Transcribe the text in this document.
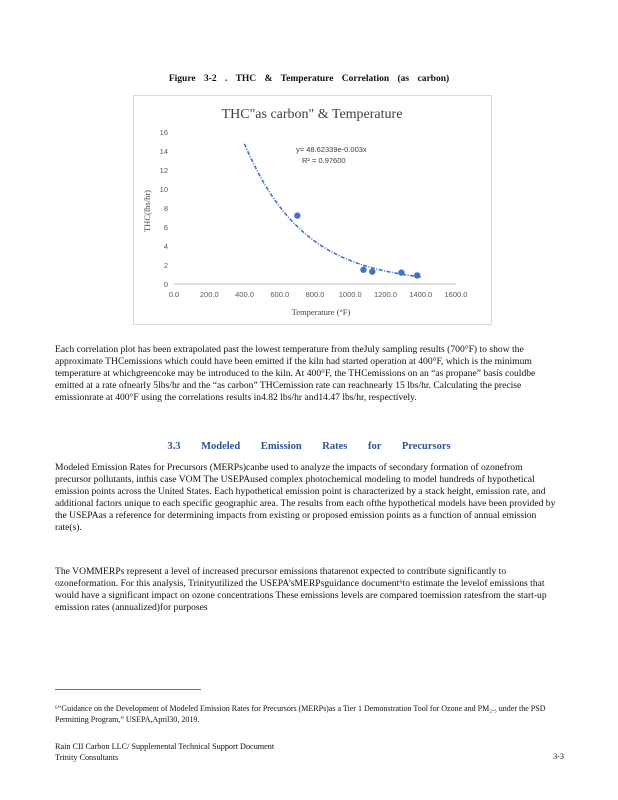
Figure 3-2 . THC & Temperature Correlation (as carbon)
THC"as carbon" & Temperature
THC(lbs/hr)
Temperature (°F)
0.0	200.0 400.0 600.0 800.0 1000.0 1200.0 1400.0 1600.0
0
2
4
6
8
10
12
14
16
y= 48.62339e-0.003x
R² = 0.97600

Each correlation plot has been extrapolated past the lowest temperature from theJuly sampling results (700°F) to show the approximate THCemissions which could have been emitted if the kiln had started operation at 400°F, which is the minimum temperature at whichgreencoke may be introduced to the kiln. At 400°F, the THCemissions on an “as propane” basis couldbe emitted at a rate ofnearly 5lbs/hr and the “as carbon” THCemission rate can reachnearly 15 lbs/hr. Calculating the precise emissionrate at 400°F using the correlations results in4.82 lbs/hr and14.47 lbs/hr, respectively.

3.3 Modeled Emission Rates for Precursors

Modeled Emission Rates for Precursors (MERPs)canbe used to analyze the impacts of secondary formation of ozonefrom precursor pollutants, inthis case VOM The USEPAused complex photochemical modeling to model hundreds of hypothetical emission points across the United States. Each hypothetical emission point is characterized by a stack height, emission rate, and additional factors unique to each specific geographic area. The results from each ofthe hypothetical models have been provided by the USEPAas a reference for determining impacts from existing or proposed emission points as a function of annual emission rate(s).

The VOMMERPs represent a level of increased precursor emissions thatarenot expected to contribute significantly to ozoneformation. For this analysis, Trinityutilized the USEPA’sMERPsguidance document⁶to estimate the levelof emissions that would have a significant impact on ozone concentrations These emissions levels are compared toemission ratesfrom the start-up emission rates (annualized)for purposes

⁶“Guidance on the Development of Modeled Emission Rates for Precursors (MERPs)as a Tier 1 Demonstration Tool for Ozone and PM₂.₅ under the PSD Permitting Program,” USEPA,April30, 2019.

Rain CII Carbon LLC/ Supplemental Technical Support Document
Trinity Consultants	3-3
